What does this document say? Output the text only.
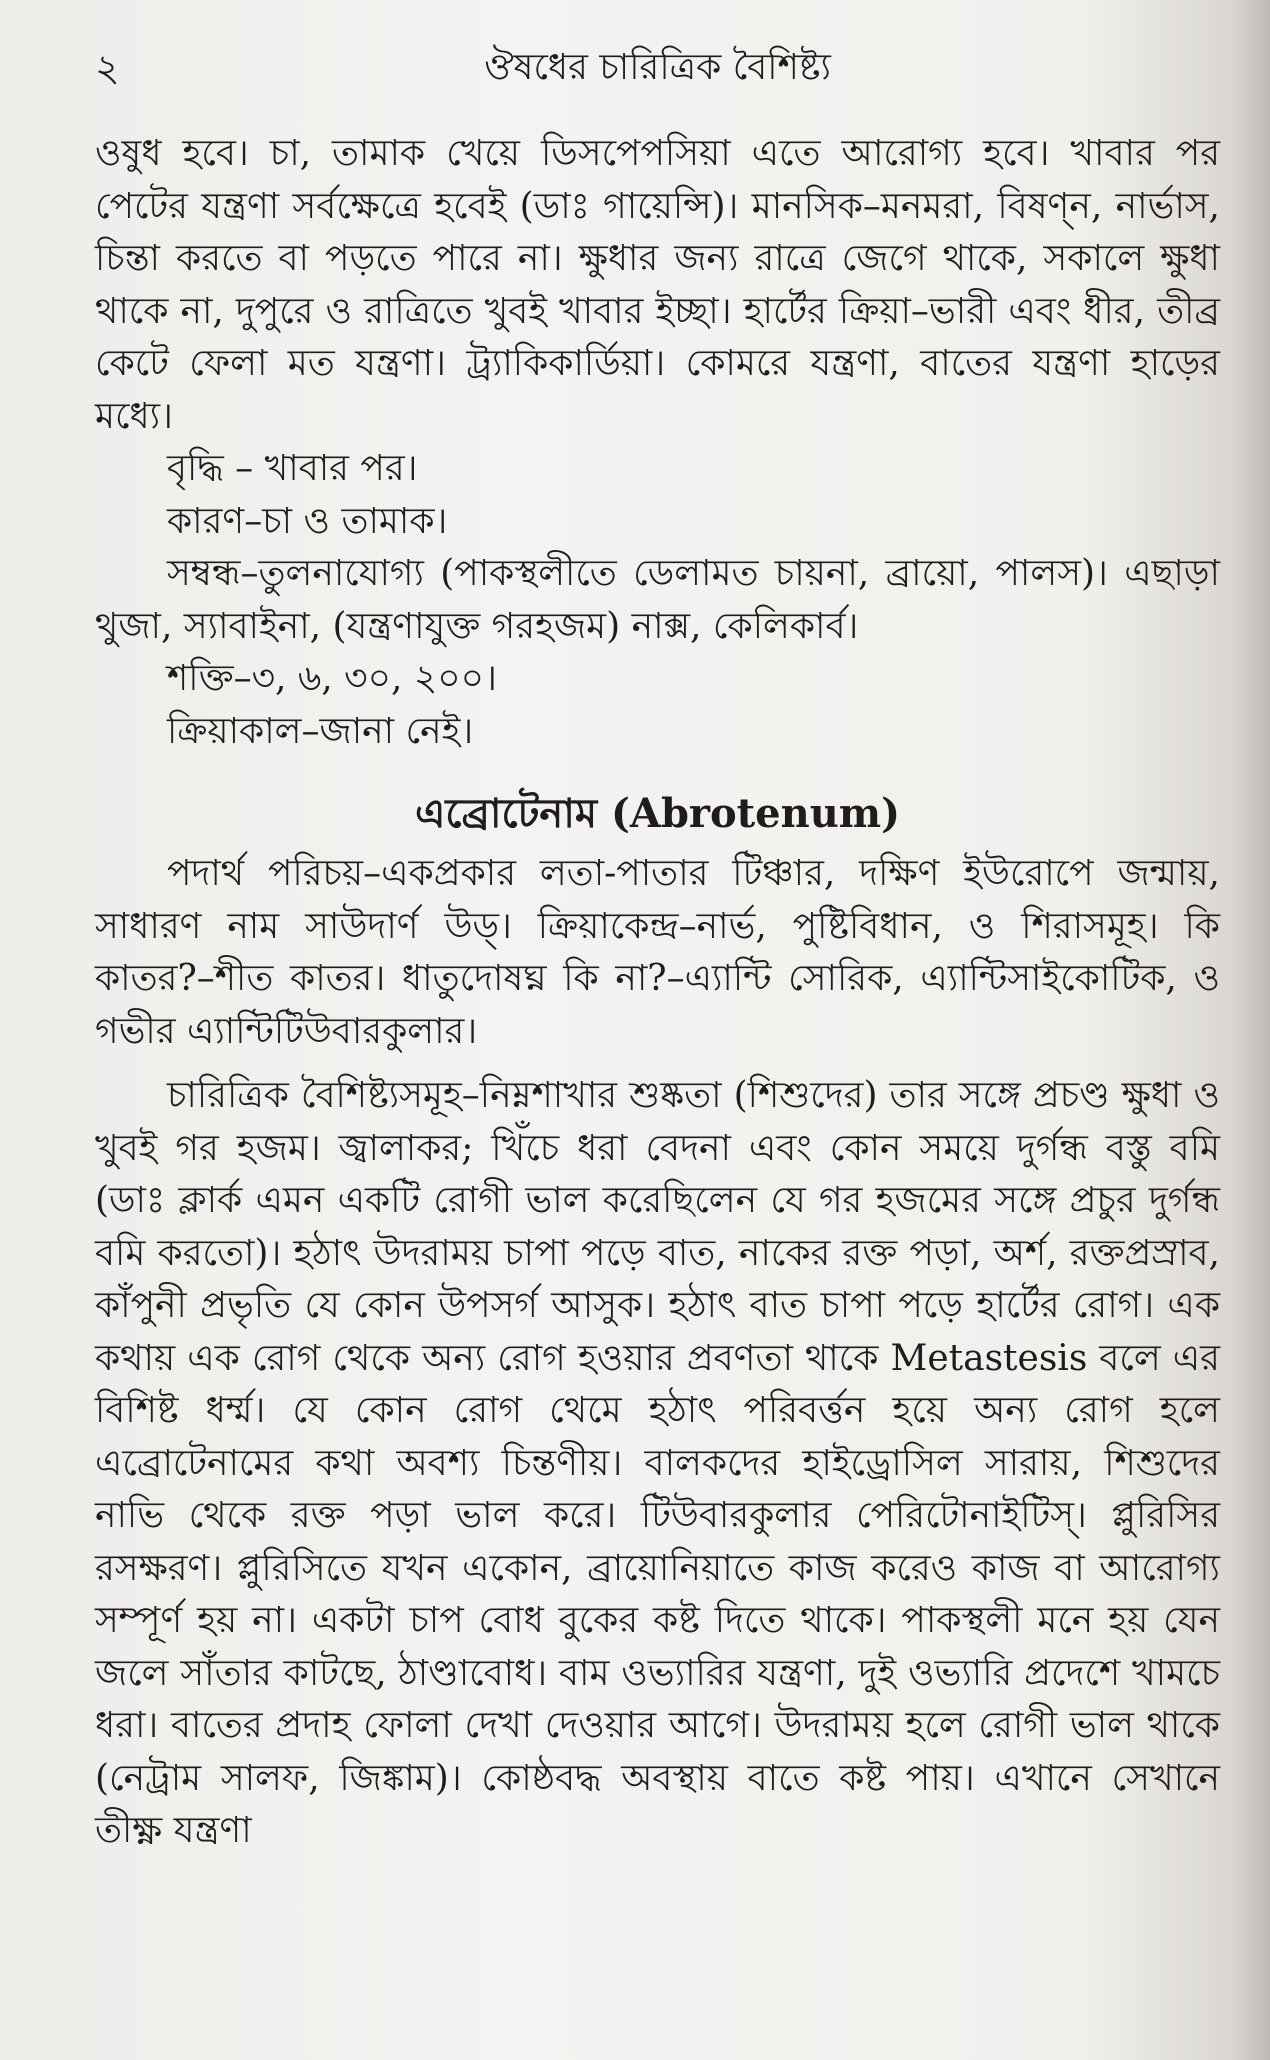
২	ঔষধের চারিত্রিক বৈশিষ্ট্য

ওষুধ হবে। চা, তামাক খেয়ে ডিসপেপসিয়া এতে আরোগ্য হবে। খাবার পর পেটের যন্ত্রণা সর্বক্ষেত্রে হবেই (ডাঃ গায়েন্সি)। মানসিক–মনমরা, বিষণ্ন, নার্ভাস, চিন্তা করতে বা পড়তে পারে না। ক্ষুধার জন্য রাত্রে জেগে থাকে, সকালে ক্ষুধা থাকে না, দুপুরে ও রাত্রিতে খুবই খাবার ইচ্ছা। হার্টের ক্রিয়া–ভারী এবং ধীর, তীব্র কেটে ফেলা মত যন্ত্রণা। ট্র্যাকিকার্ডিয়া। কোমরে যন্ত্রণা, বাতের যন্ত্রণা হাড়ের মধ্যে।

বৃদ্ধি – খাবার পর।

কারণ–চা ও তামাক।

সম্বন্ধ–তুলনাযোগ্য (পাকস্থলীতে ডেলামত চায়না, ব্রায়ো, পালস)। এছাড়া থুজা, স্যাবাইনা, (যন্ত্রণাযুক্ত গরহজম) নাক্স, কেলিকার্ব।

শক্তি–৩, ৬, ৩০, ২০০।

ক্রিয়াকাল–জানা নেই।

এব্রোটেনাম (Abrotenum)

পদার্থ পরিচয়–একপ্রকার লতা-পাতার টিঞ্চার, দক্ষিণ ইউরোপে জন্মায়, সাধারণ নাম সাউদার্ণ উড্। ক্রিয়াকেন্দ্র–নার্ভ, পুষ্টিবিধান, ও শিরাসমূহ। কি কাতর?–শীত কাতর। ধাতুদোষঘ্ন কি না?–এ্যান্টি সোরিক, এ্যান্টিসাইকোটিক, ও গভীর এ্যান্টিটিউবারকুলার।

চারিত্রিক বৈশিষ্ট্যসমূহ–নিম্নশাখার শুষ্কতা (শিশুদের) তার সঙ্গে প্রচণ্ড ক্ষুধা ও খুবই গর হজম। জ্বালাকর; খিঁচে ধরা বেদনা এবং কোন সময়ে দুর্গন্ধ বস্তু বমি (ডাঃ ক্লার্ক এমন একটি রোগী ভাল করেছিলেন যে গর হজমের সঙ্গে প্রচুর দুর্গন্ধ বমি করতো)। হঠাৎ উদরাময় চাপা পড়ে বাত, নাকের রক্ত পড়া, অর্শ, রক্তপ্রস্রাব, কাঁপুনী প্রভৃতি যে কোন উপসর্গ আসুক। হঠাৎ বাত চাপা পড়ে হার্টের রোগ। এক কথায় এক রোগ থেকে অন্য রোগ হওয়ার প্রবণতা থাকে Metastesis বলে এর বিশিষ্ট ধর্ম্ম। যে কোন রোগ থেমে হঠাৎ পরিবর্ত্তন হয়ে অন্য রোগ হলে এব্রোটেনামের কথা অবশ্য চিন্তণীয়। বালকদের হাইড্রোসিল সারায়, শিশুদের নাভি থেকে রক্ত পড়া ভাল করে। টিউবারকুলার পেরিটোনাইটিস্। প্লুরিসির রসক্ষরণ। প্লুরিসিতে যখন একোন, ব্রায়োনিয়াতে কাজ করেও কাজ বা আরোগ্য সম্পূর্ণ হয় না। একটা চাপ বোধ বুকের কষ্ট দিতে থাকে। পাকস্থলী মনে হয় যেন জলে সাঁতার কাটছে, ঠাণ্ডাবোধ। বাম ওভ্যারির যন্ত্রণা, দুই ওভ্যারি প্রদেশে খামচে ধরা। বাতের প্রদাহ ফোলা দেখা দেওয়ার আগে। উদরাময় হলে রোগী ভাল থাকে (নেট্রাম সালফ, জিঙ্কাম)। কোষ্ঠবদ্ধ অবস্থায় বাতে কষ্ট পায়। এখানে সেখানে তীক্ষ্ণ যন্ত্রণা
